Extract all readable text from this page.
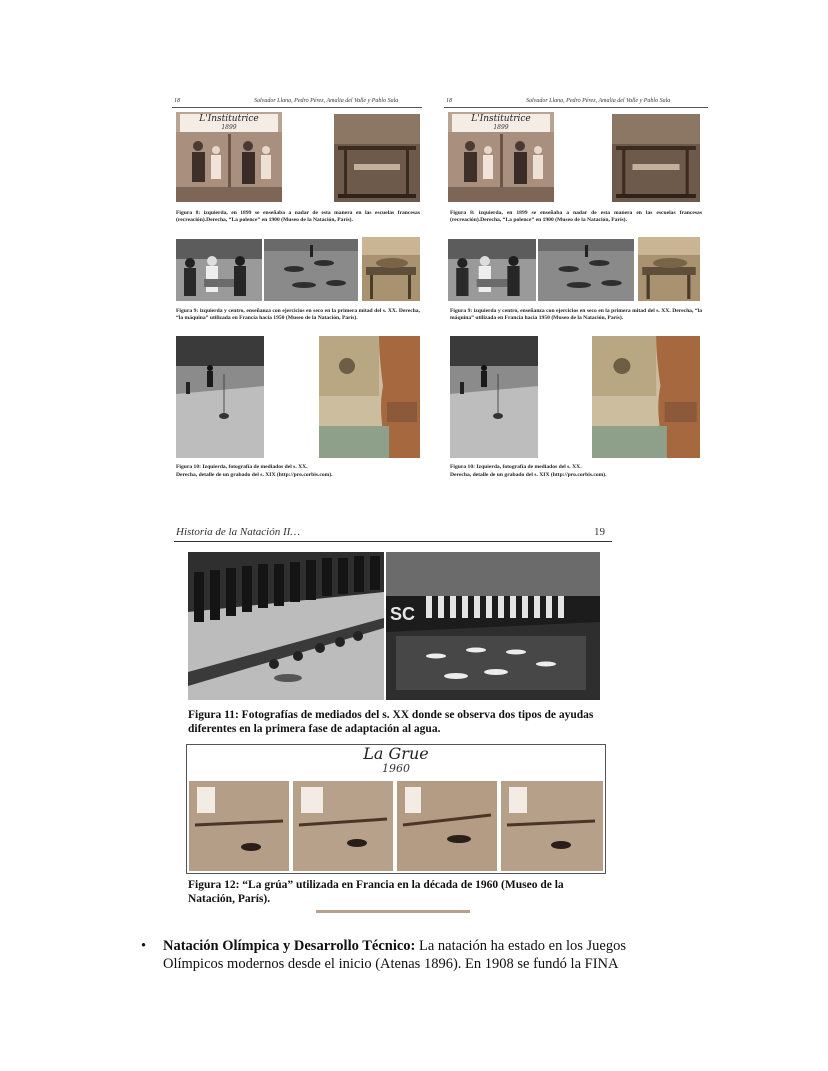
18	Salvador Llana, Pedro Pérez, Amalia del Valle y Pablo Sala
L'Institutrice
1899
Figura 8: izquierda, en 1899 se enseñaba a nadar de esta manera en las escuelas francesas (recreación).Derecha, “La polence” en 1900 (Museo de la Natación, París).
Figura 9: izquierda y centro, enseñanza con ejercicios en seco en la primera mitad del s. XX. Derecha, “la máquina” utilizada en Francia hacia 1950 (Museo de la Natación, París).
Figura 10: Izquierda, fotografía de mediados del s. XX.
Derecha, detalle de un grabado del s. XIX (http://pro.corbis.com).
18	Salvador Llana, Pedro Pérez, Amalia del Valle y Pablo Sala
L'Institutrice
1899
Figura 8: izquierda, en 1899 se enseñaba a nadar de esta manera en las escuelas francesas (recreación).Derecha, “La polence” en 1900 (Museo de la Natación, París).
Figura 9: izquierda y centro, enseñanza con ejercicios en seco en la primera mitad del s. XX. Derecha, “la máquina” utilizada en Francia hacia 1950 (Museo de la Natación, París).
Figura 10: Izquierda, fotografía de mediados del s. XX.
Derecha, detalle de un grabado del s. XIX (http://pro.corbis.com).
Historia de la Natación II…	19
SC
Figura 11: Fotografías de mediados del s. XX donde se observa dos tipos de ayudas diferentes en la primera fase de adaptación al agua.
La Grue
1960
Figura 12: “La grúa” utilizada en Francia en la década de 1960 (Museo de la Natación, París).
• Natación Olímpica y Desarrollo Técnico: La natación ha estado en los Juegos
Olímpicos modernos desde el inicio (Atenas 1896). En 1908 se fundó la FINA
